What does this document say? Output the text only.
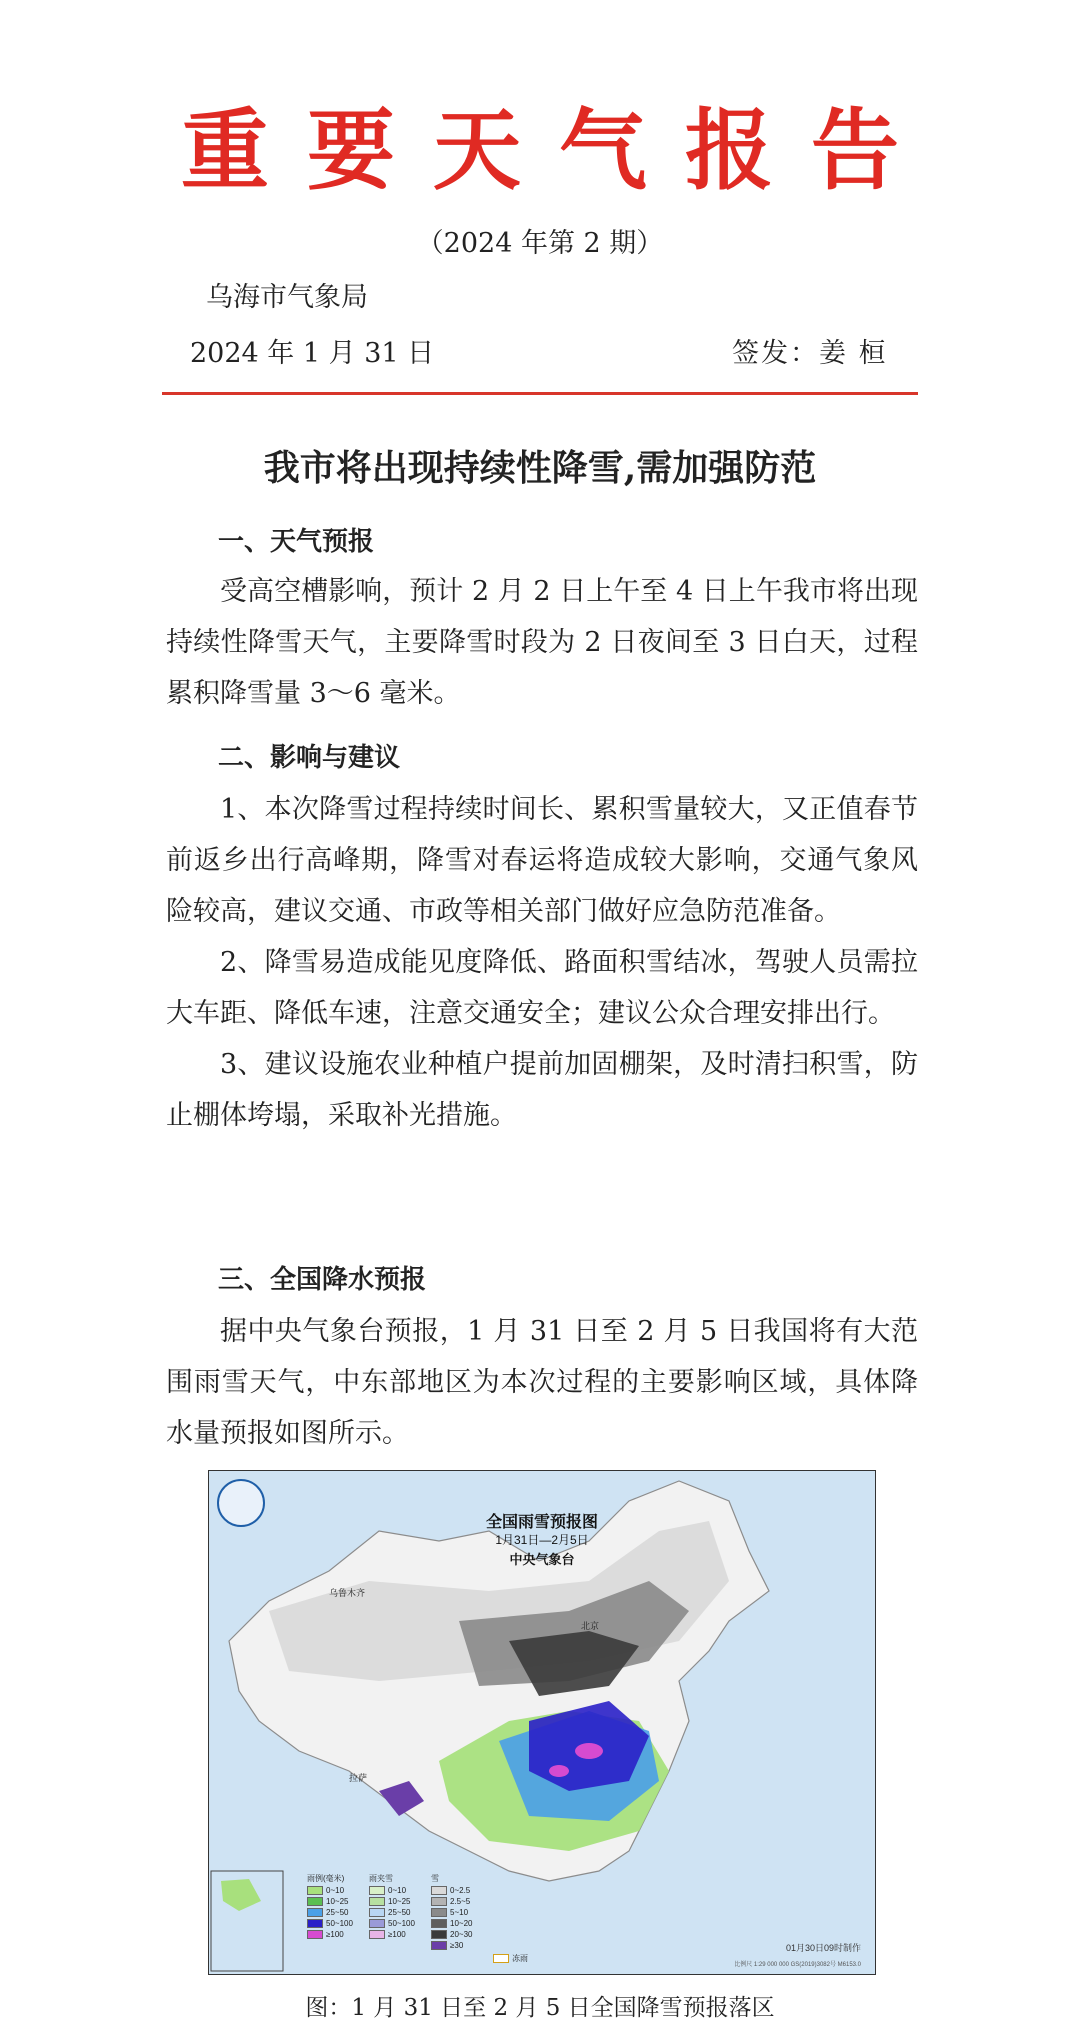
重要天气报告
（2024 年第 2 期）
乌海市气象局
2024 年 1 月 31 日	签发：姜 桓
我市将出现持续性降雪,需加强防范
一、天气预报

受高空槽影响，预计 2 月 2 日上午至 4 日上午我市将出现持续性降雪天气，主要降雪时段为 2 日夜间至 3 日白天，过程累积降雪量 3～6 毫米。

二、影响与建议

1、本次降雪过程持续时间长、累积雪量较大，又正值春节前返乡出行高峰期，降雪对春运将造成较大影响，交通气象风险较高，建议交通、市政等相关部门做好应急防范准备。

2、降雪易造成能见度降低、路面积雪结冰，驾驶人员需拉大车距、降低车速，注意交通安全；建议公众合理安排出行。

3、建议设施农业种植户提前加固棚架，及时清扫积雪，防止棚体垮塌，采取补光措施。

三、全国降水预报

据中央气象台预报，1 月 31 日至 2 月 5 日我国将有大范围雨雪天气，中东部地区为本次过程的主要影响区域，具体降水量预报如图所示。

全国雨雪预报图
1月31日—2月5日
中央气象台
乌鲁木齐
北京
拉萨
雨例(毫米)
0~10
10~25
25~50
50~100
≥100
雨夹雪
0~10
10~25
25~50
50~100
≥100
雪
0~2.5
2.5~5
5~10
10~20
20~30
≥30
冻雨
01月30日09时制作
比例尺 1:29 000 000 GS(2019)3082号 M6153.0
图：1 月 31 日至 2 月 5 日全国降雪预报落区
